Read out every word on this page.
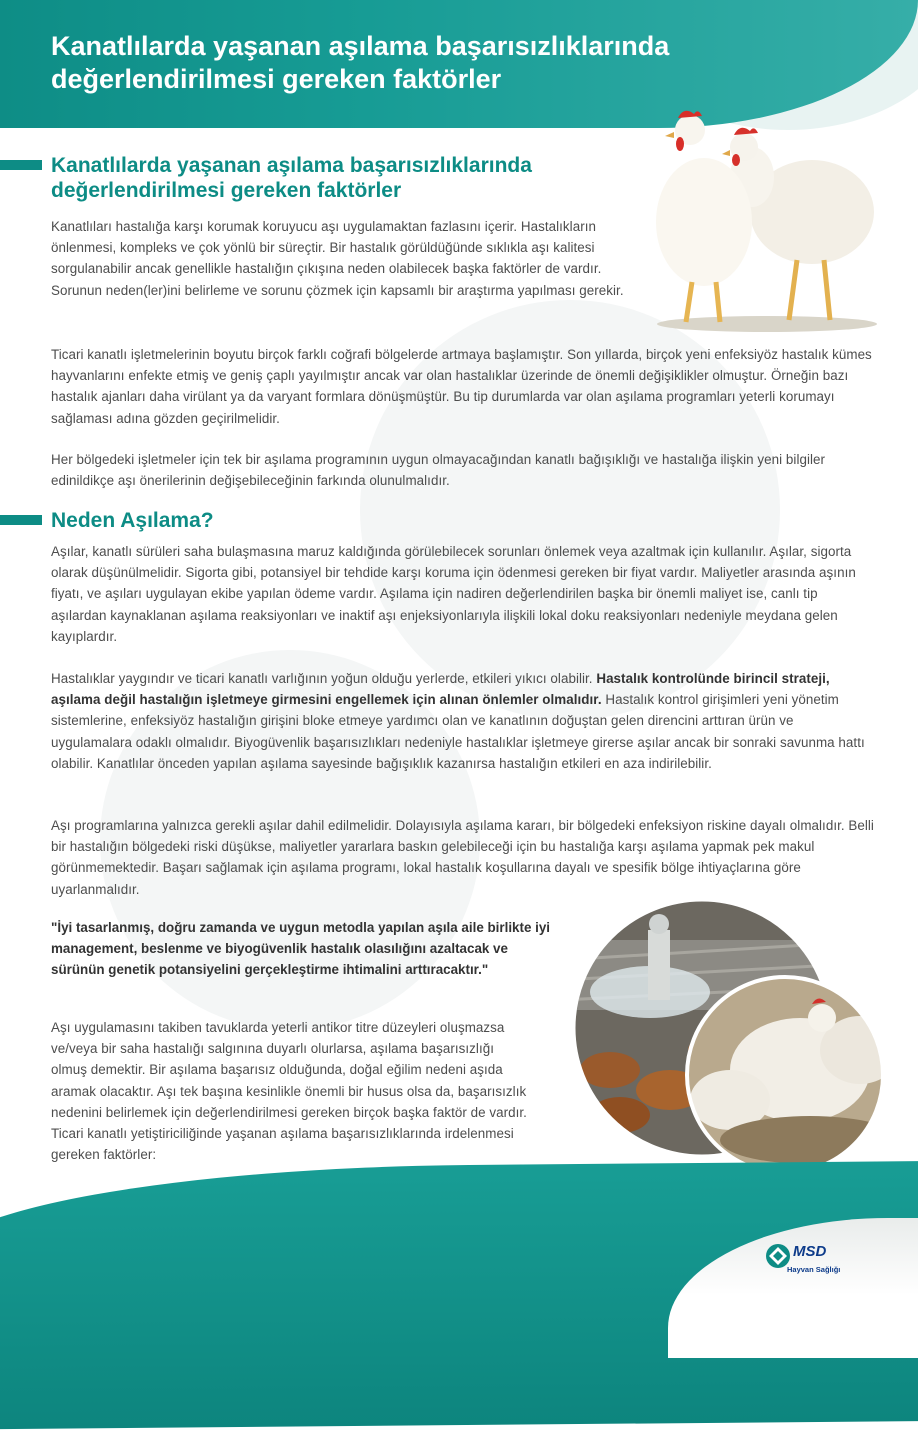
Kanatlılarda yaşanan aşılama başarısızlıklarında değerlendirilmesi gereken faktörler
Kanatlılarda yaşanan aşılama başarısızlıklarında değerlendirilmesi gereken faktörler

Kanatlıları hastalığa karşı korumak koruyucu aşı uygulamaktan fazlasını içerir. Hastalıkların önlenmesi, kompleks ve çok yönlü bir süreçtir. Bir hastalık görüldüğünde sıklıkla aşı kalitesi sorgulanabilir ancak genellikle hastalığın çıkışına neden olabilecek başka faktörler de vardır. Sorunun neden(ler)ini belirleme ve sorunu çözmek için kapsamlı bir araştırma yapılması gerekir.

Ticari kanatlı işletmelerinin boyutu birçok farklı coğrafi bölgelerde artmaya başlamıştır. Son yıllarda, birçok yeni enfeksiyöz hastalık kümes hayvanlarını enfekte etmiş ve geniş çaplı yayılmıştır ancak var olan hastalıklar üzerinde de önemli değişiklikler olmuştur. Örneğin bazı hastalık ajanları daha virülant ya da varyant formlara dönüşmüştür. Bu tip durumlarda var olan aşılama programları yeterli korumayı sağlaması adına gözden geçirilmelidir.

Her bölgedeki işletmeler için tek bir aşılama programının uygun olmayacağından kanatlı bağışıklığı ve hastalığa ilişkin yeni bilgiler edinildikçe aşı önerilerinin değişebileceğinin farkında olunulmalıdır.

Neden Aşılama?

Aşılar, kanatlı sürüleri saha bulaşmasına maruz kaldığında görülebilecek sorunları önlemek veya azaltmak için kullanılır. Aşılar, sigorta olarak düşünülmelidir. Sigorta gibi, potansiyel bir tehdide karşı koruma için ödenmesi gereken bir fiyat vardır. Maliyetler arasında aşının fiyatı, ve aşıları uygulayan ekibe yapılan ödeme vardır. Aşılama için nadiren değerlendirilen başka bir önemli maliyet ise, canlı tip aşılardan kaynaklanan aşılama reaksiyonları ve inaktif aşı enjeksiyonlarıyla ilişkili lokal doku reaksiyonları nedeniyle meydana gelen kayıplardır.

Hastalıklar yaygındır ve ticari kanatlı varlığının yoğun olduğu yerlerde, etkileri yıkıcı olabilir. Hastalık kontrolünde birincil strateji, aşılama değil hastalığın işletmeye girmesini engellemek için alınan önlemler olmalıdır. Hastalık kontrol girişimleri yeni yönetim sistemlerine, enfeksiyöz hastalığın girişini bloke etmeye yardımcı olan ve kanatlının doğuştan gelen direncini arttıran ürün ve uygulamalara odaklı olmalıdır. Biyogüvenlik başarısızlıkları nedeniyle hastalıklar işletmeye girerse aşılar ancak bir sonraki savunma hattı olabilir. Kanatlılar önceden yapılan aşılama sayesinde bağışıklık kazanırsa hastalığın etkileri en aza indirilebilir.

Aşı programlarına yalnızca gerekli aşılar dahil edilmelidir. Dolayısıyla aşılama kararı, bir bölgedeki enfeksiyon riskine dayalı olmalıdır. Belli bir hastalığın bölgedeki riski düşükse, maliyetler yararlara baskın gelebileceği için bu hastalığa karşı aşılama yapmak pek makul görünmemektedir. Başarı sağlamak için aşılama programı, lokal hastalık koşullarına dayalı ve spesifik bölge ihtiyaçlarına göre uyarlanmalıdır.

"İyi tasarlanmış, doğru zamanda ve uygun metodla yapılan aşıla aile birlikte iyi management, beslenme ve biyogüvenlik hastalık olasılığını azaltacak ve sürünün genetik potansiyelini gerçekleştirme ihtimalini arttıracaktır."

Aşı uygulamasını takiben tavuklarda yeterli antikor titre düzeyleri oluşmazsa ve/veya bir saha hastalığı salgınına duyarlı olurlarsa, aşılama başarısızlığı olmuş demektir. Bir aşılama başarısız olduğunda, doğal eğilim nedeni aşıda aramak olacaktır. Aşı tek başına kesinlikle önemli bir husus olsa da, başarısızlık nedenini belirlemek için değerlendirilmesi gereken birçok başka faktör de vardır. Ticari kanatlı yetiştiriciliğinde yaşanan aşılama başarısızlıklarında irdelenmesi gereken faktörler:

MSD
Hayvan Sağlığı
